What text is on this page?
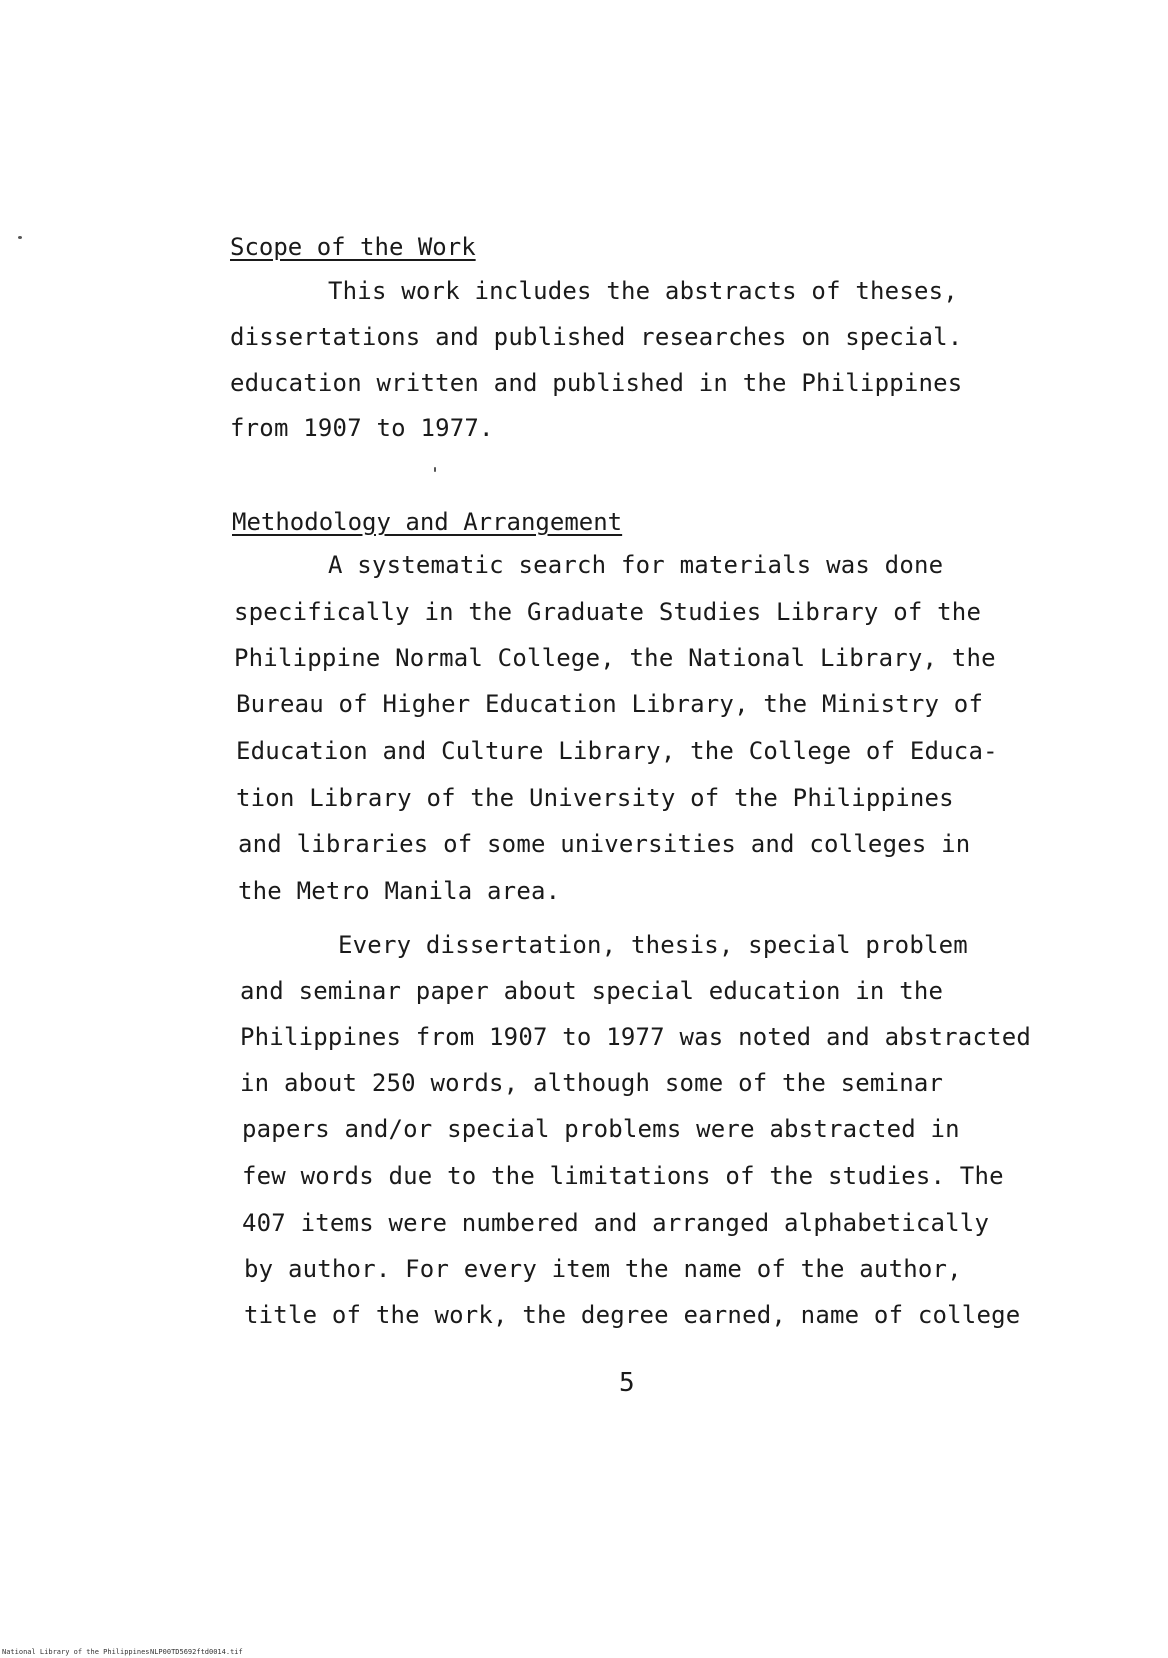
Scope of the Work
This work includes the abstracts of theses,
dissertations and published researches on special.
education written and published in the Philippines
from 1907 to 1977.
Methodology and Arrangement
A systematic search for materials was done
specifically in the Graduate Studies Library of the
Philippine Normal College, the National Library, the
Bureau of Higher Education Library, the Ministry of
Education and Culture Library, the College of Educa-
tion Library of the University of the Philippines
and libraries of some universities and colleges in
the Metro Manila area.
Every dissertation, thesis, special problem
and seminar paper about special education in the
Philippines from 1907 to 1977 was noted and abstracted
in about 250 words, although some of the seminar
papers and/or special problems were abstracted in
few words due to the limitations of the studies. The
407 items were numbered and arranged alphabetically
by author. For every item the name of the author,
title of the work, the degree earned, name of college
5
National Library of the Philippines NLP00TD5692ftd0014.tif
